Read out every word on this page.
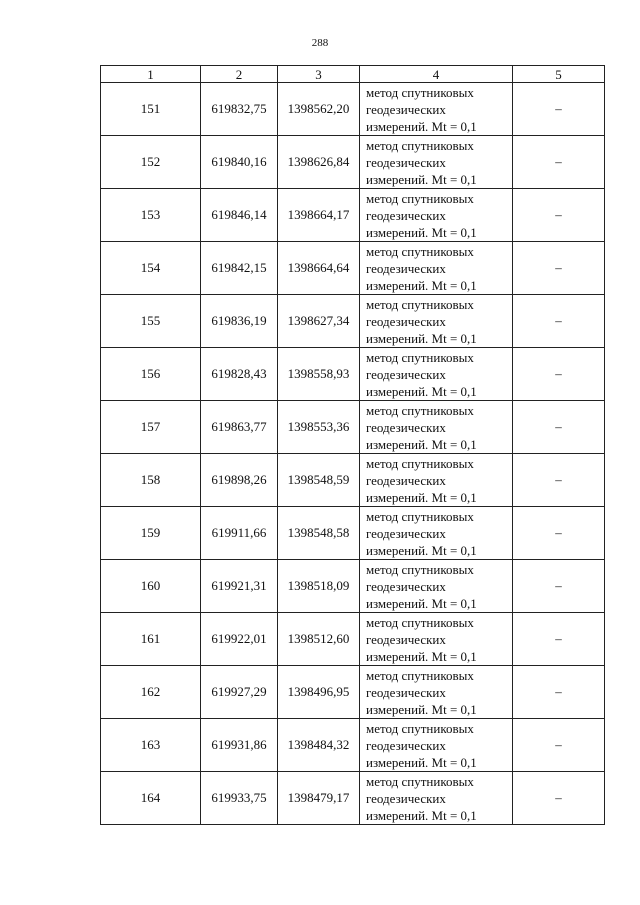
288
1	2	3	4	5
151	619832,75	1398562,20	метод спутниковых
геодезических
измерений. Mt = 0,1	–
152	619840,16	1398626,84	метод спутниковых
геодезических
измерений. Mt = 0,1	–
153	619846,14	1398664,17	метод спутниковых
геодезических
измерений. Mt = 0,1	–
154	619842,15	1398664,64	метод спутниковых
геодезических
измерений. Mt = 0,1	–
155	619836,19	1398627,34	метод спутниковых
геодезических
измерений. Mt = 0,1	–
156	619828,43	1398558,93	метод спутниковых
геодезических
измерений. Mt = 0,1	–
157	619863,77	1398553,36	метод спутниковых
геодезических
измерений. Mt = 0,1	–
158	619898,26	1398548,59	метод спутниковых
геодезических
измерений. Mt = 0,1	–
159	619911,66	1398548,58	метод спутниковых
геодезических
измерений. Mt = 0,1	–
160	619921,31	1398518,09	метод спутниковых
геодезических
измерений. Mt = 0,1	–
161	619922,01	1398512,60	метод спутниковых
геодезических
измерений. Mt = 0,1	–
162	619927,29	1398496,95	метод спутниковых
геодезических
измерений. Mt = 0,1	–
163	619931,86	1398484,32	метод спутниковых
геодезических
измерений. Mt = 0,1	–
164	619933,75	1398479,17	метод спутниковых
геодезических
измерений. Mt = 0,1	–
